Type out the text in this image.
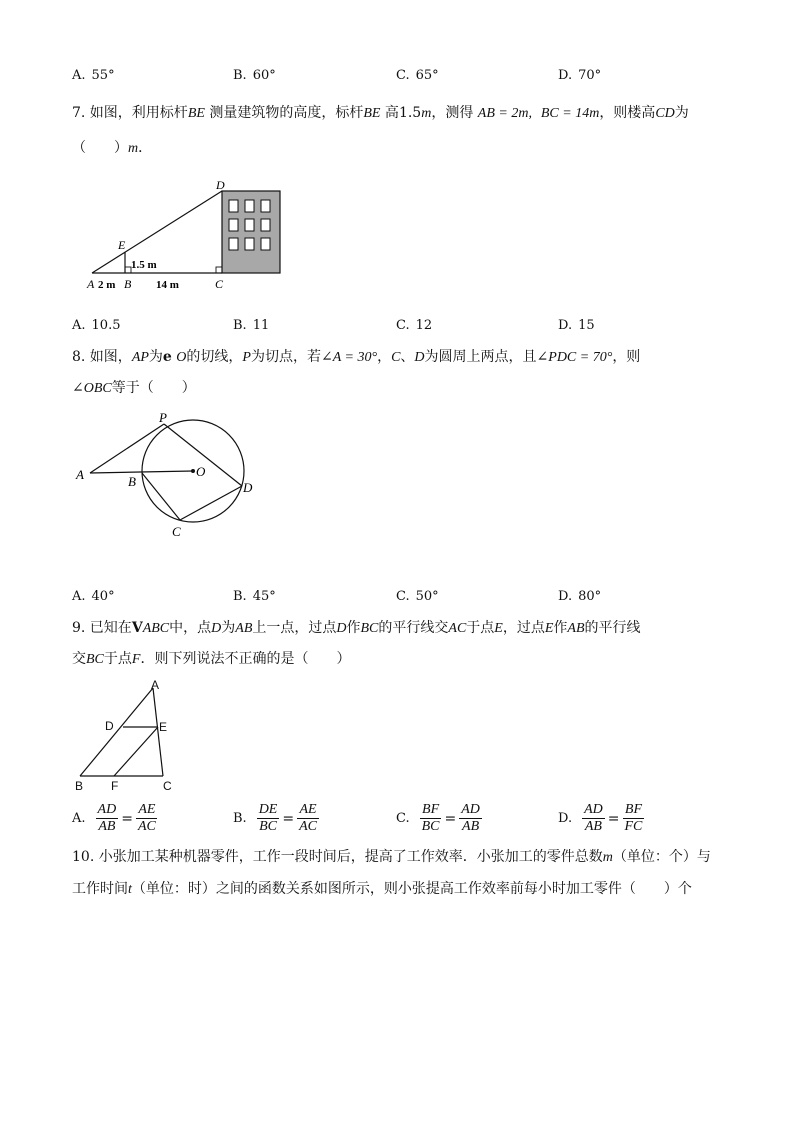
A. 55°	B. 60°	C. 65°	D. 70°
7. 如图，利用标杆BE 测量建筑物的高度，标杆BE 高1.5m，测得 AB = 2m, BC = 14m，则楼高CD为
（　　）m．
D
E
A B	C
1.5 m
2 m	14 m
A. 10.5	B. 11	C. 12	D. 15
8. 如图，AP为e O的切线，P为切点，若∠A = 30°，C、D为圆周上两点，且∠PDC = 70°，则
∠OBC等于（　　）
A	B
C
D
O
P
A. 40°	B. 45°	C. 50°	D. 80°
9. 已知在VABC中，点D为AB上一点，过点D作BC的平行线交AC于点E，过点E作AB的平行线
交BC于点F．则下列说法不正确的是（　　）
A
D	E
B F	C
A. $\frac{AD}{AB} = \frac{AE}{AC}$	B. $\frac{DE}{BC} = \frac{AE}{AC}$	C. $\frac{BF}{BC} = \frac{AD}{AB}$	D. $\frac{AD}{AB} = \frac{BF}{FC}$
10. 小张加工某种机器零件，工作一段时间后，提高了工作效率．小张加工的零件总数m（单位：个）与
工作时间t（单位：时）之间的函数关系如图所示，则小张提高工作效率前每小时加工零件（　　）个
